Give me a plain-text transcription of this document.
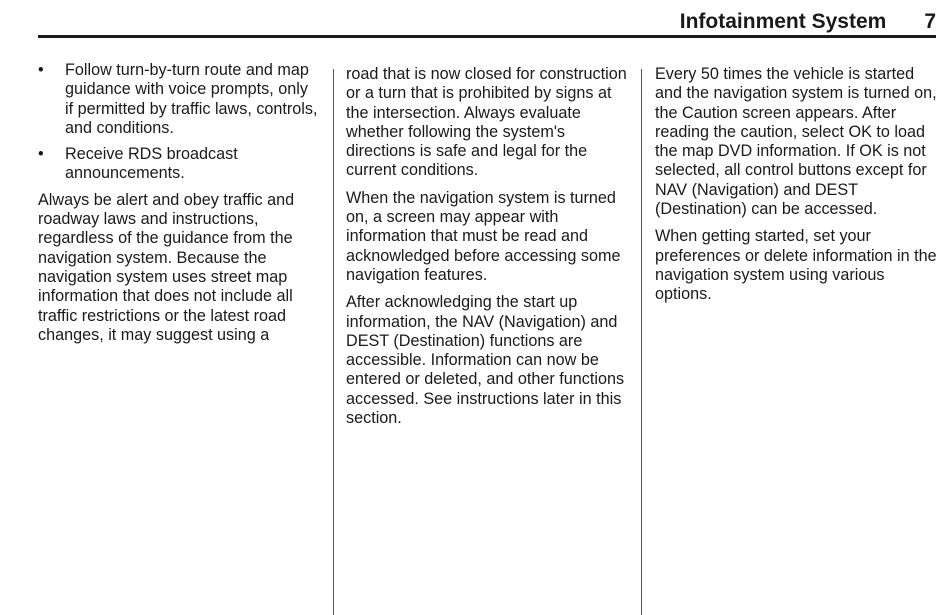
Infotainment System 7
• Follow turn-by-turn route and map guidance with voice prompts, only if permitted by traffic laws, controls, and conditions.
• Receive RDS broadcast announcements.

Always be alert and obey traffic and roadway laws and instructions, regardless of the guidance from the navigation system. Because the navigation system uses street map information that does not include all traffic restrictions or the latest road changes, it may suggest using a

road that is now closed for construction or a turn that is prohibited by signs at the intersection. Always evaluate whether following the system's directions is safe and legal for the current conditions.

When the navigation system is turned on, a screen may appear with information that must be read and acknowledged before accessing some navigation features.

After acknowledging the start up information, the NAV (Navigation) and DEST (Destination) functions are accessible. Information can now be entered or deleted, and other functions accessed. See instructions later in this section.

Every 50 times the vehicle is started and the navigation system is turned on, the Caution screen appears. After reading the caution, select OK to load the map DVD information. If OK is not selected, all control buttons except for NAV (Navigation) and DEST (Destination) can be accessed.

When getting started, set your preferences or delete information in the navigation system using various options.
